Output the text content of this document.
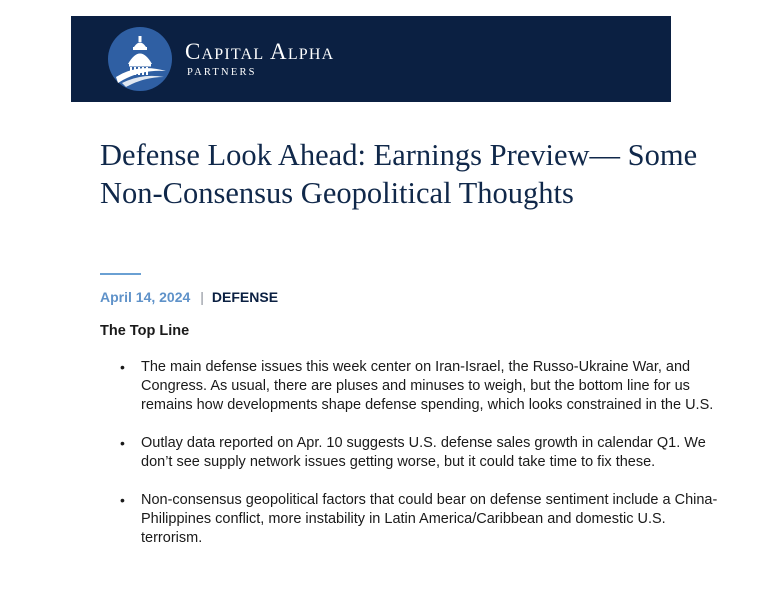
Capital Alpha
PARTNERS
Defense Look Ahead: Earnings Preview— Some Non-Consensus Geopolitical Thoughts
April 14, 2024 | DEFENSE
The Top Line
• The main defense issues this week center on Iran-Israel, the Russo-Ukraine War, and Congress. As usual, there are pluses and minuses to weigh, but the bottom line for us remains how developments shape defense spending, which looks constrained in the U.S.
• Outlay data reported on Apr. 10 suggests U.S. defense sales growth in calendar Q1. We don’t see supply network issues getting worse, but it could take time to fix these.
• Non-consensus geopolitical factors that could bear on defense sentiment include a China-Philippines conflict, more instability in Latin America/Caribbean and domestic U.S. terrorism.
